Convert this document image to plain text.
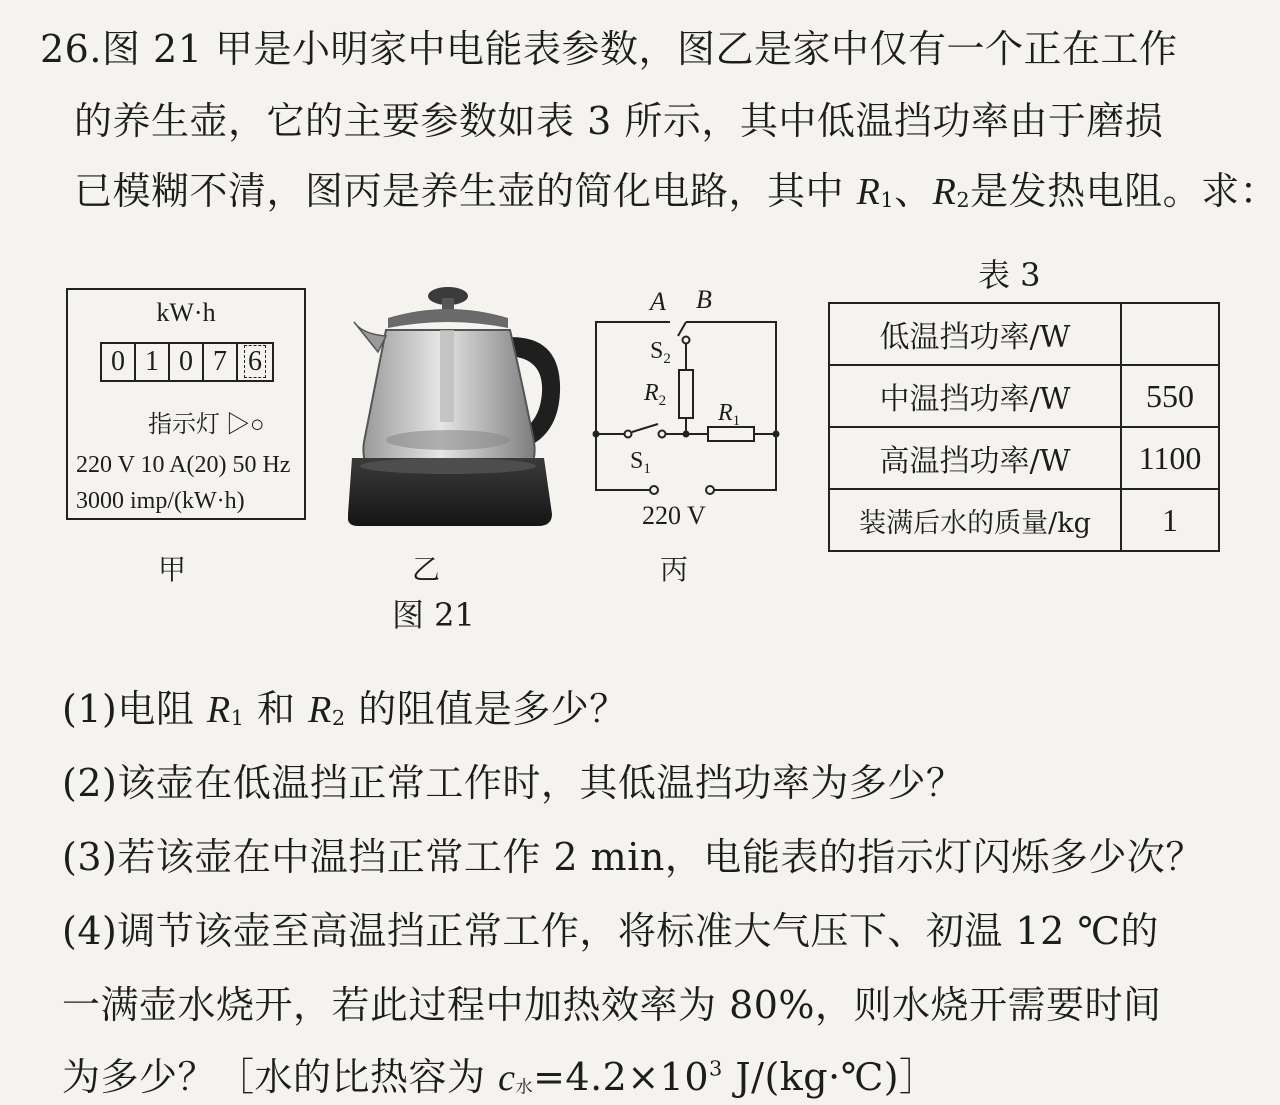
26.图 21 甲是小明家中电能表参数，图乙是家中仅有一个正在工作
的养生壶，它的主要参数如表 3 所示，其中低温挡功率由于磨损
已模糊不清，图丙是养生壶的简化电路，其中 $R_1$、$R_2$是发热电阻。求：
kW·h
0 1 0 7 6
指示灯 ▷○
220 V 10 A(20) 50 Hz
3000 imp/(kW·h)
甲	乙
A B
$S_2$
$R_2$ $R_1$
$S_1$
220 V
丙
图 21
表 3
低温挡功率/W	
中温挡功率/W	550
高温挡功率/W	1100
装满后水的质量/kg	1
(1)电阻 $R_1$ 和 $R_2$ 的阻值是多少？
(2)该壶在低温挡正常工作时，其低温挡功率为多少？
(3)若该壶在中温挡正常工作 2 min，电能表的指示灯闪烁多少次？
(4)调节该壶至高温挡正常工作，将标准大气压下、初温 12 ℃的
一满壶水烧开，若此过程中加热效率为 80%，则水烧开需要时间
为多少？［水的比热容为 $c_水=4.2\times 10^3$ J/(kg·℃)］
